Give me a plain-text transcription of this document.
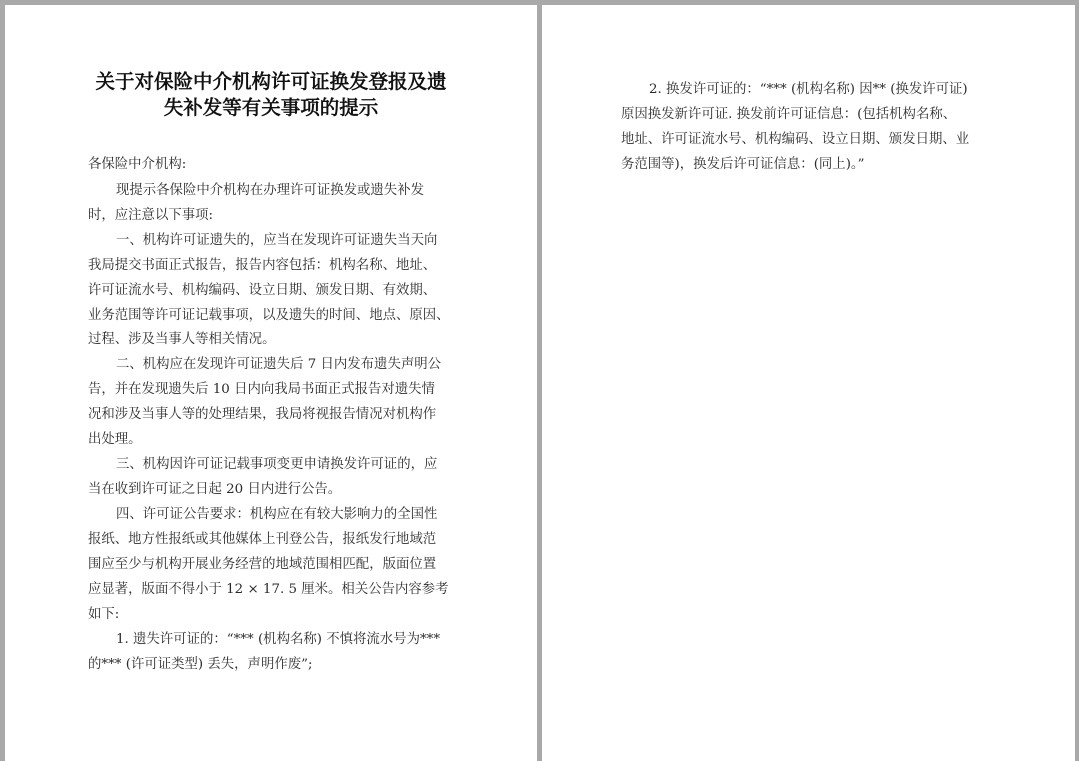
关于对保险中介机构许可证换发登报及遗
失补发等有关事项的提示
各保险中介机构:
现提示各保险中介机构在办理许可证换发或遗失补发
时，应注意以下事项:
一、机构许可证遗失的，应当在发现许可证遗失当天向
我局提交书面正式报告，报告内容包括：机构名称、地址、
许可证流水号、机构编码、设立日期、颁发日期、有效期、
业务范围等许可证记载事项，以及遗失的时间、地点、原因、
过程、涉及当事人等相关情况。
二、机构应在发现许可证遗失后 7 日内发布遗失声明公
告，并在发现遗失后 10 日内向我局书面正式报告对遗失情
况和涉及当事人等的处理结果，我局将视报告情况对机构作
出处理。
三、机构因许可证记载事项变更申请换发许可证的，应
当在收到许可证之日起 20 日内进行公告。
四、许可证公告要求：机构应在有较大影响力的全国性
报纸、地方性报纸或其他媒体上刊登公告，报纸发行地域范
围应至少与机构开展业务经营的地域范围相匹配，版面位置
应显著，版面不得小于 12 × 17. 5 厘米。相关公告内容参考
如下:
1. 遗失许可证的：“*** (机构名称) 不慎将流水号为***
的*** (许可证类型) 丢失，声明作废”;
2. 换发许可证的：“*** (机构名称) 因** (换发许可证)
原因换发新许可证. 换发前许可证信息：(包括机构名称、
地址、许可证流水号、机构编码、设立日期、颁发日期、业
务范围等)，换发后许可证信息：(同上)。”
